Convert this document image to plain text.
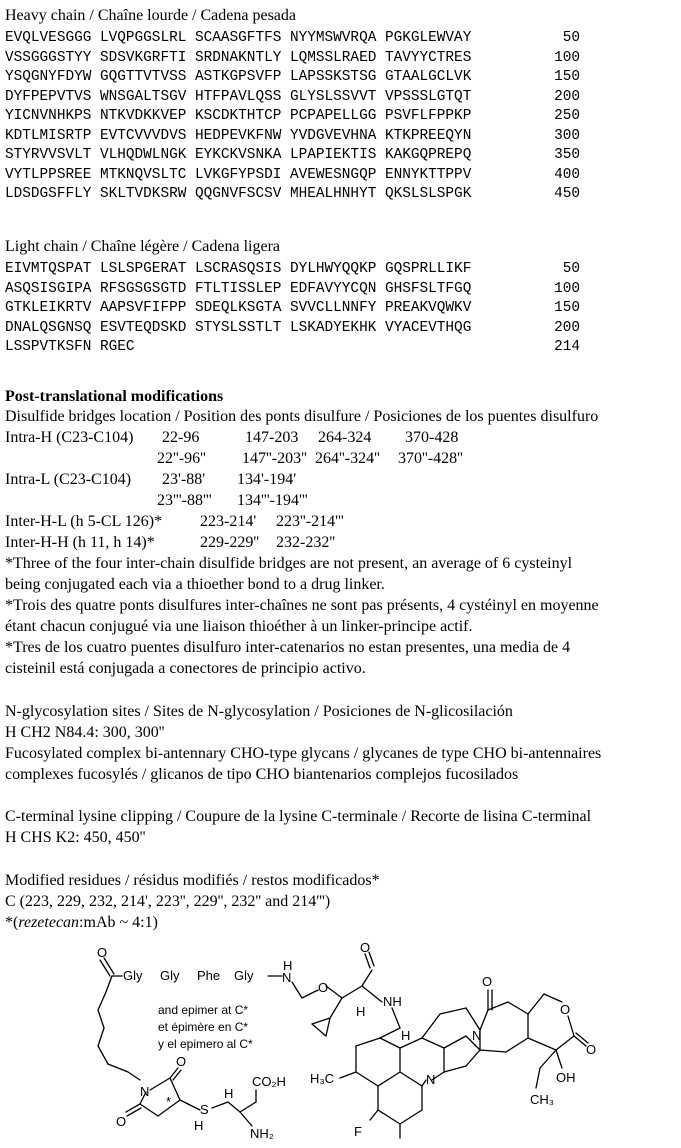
Heavy chain / Chaîne lourde / Cadena pesada
EVQLVESGGG LVQPGGSLRL SCAASGFTFS NYYMSWVRQA PGKGLEWVAY	50
VSSGGGSTYY SDSVKGRFTI SRDNAKNTLY LQMSSLRAED TAVYYCTRES	100
YSQGNYFDYW GQGTTVTVSS ASTKGPSVFP LAPSSKSTSG GTAALGCLVK	150
DYFPEPVTVS WNSGALTSGV HTFPAVLQSS GLYSLSSVVT VPSSSLGTQT	200
YICNVNHKPS NTKVDKKVEP KSCDKTHTCP PCPAPELLGG PSVFLFPPKP	250
KDTLMISRTP EVTCVVVDVS HEDPEVKFNW YVDGVEVHNA KTKPREEQYN	300
STYRVVSVLT VLHQDWLNGK EYKCKVSNKA LPAPIEKTIS KAKGQPREPQ	350
VYTLPPSREE MTKNQVSLTC LVKGFYPSDI AVEWESNGQP ENNYKTTPPV	400
LDSDGSFFLY SKLTVDKSRW QQGNVFSCSV MHEALHNHYT QKSLSLSPGK	450
Light chain / Chaîne légère / Cadena ligera
EIVMTQSPAT LSLSPGERAT LSCRASQSIS DYLHWYQQKP GQSPRLLIKF	50
ASQSISGIPA RFSGSGSGTD FTLTISSLEP EDFAVYYCQN GHSFSLTFGQ	100
GTKLEIKRTV AAPSVFIFPP SDEQLKSGTA SVVCLLNNFY PREAKVQWKV	150
DNALQSGNSQ ESVTEQDSKD STYSLSSTLT LSKADYEKHK VYACEVTHQG	200
LSSPVTKSFN RGEC	214
Post-translational modifications
Disulfide bridges location / Position des ponts disulfure / Posiciones de los puentes disulfuro
Intra-H (C23-C104) 22-96	147-203 264-324 370-428
22''-96'' 147''-203'' 264''-324'' 370''-428''
Intra-L (C23-C104) 23'-88' 134'-194'
23'''-88''' 134'''-194'''
Inter-H-L (h 5-CL 126)* 223-214' 223''-214'''
Inter-H-H (h 11, h 14)*	229-229'' 232-232''
*Three of the four inter-chain disulfide bridges are not present, an average of 6 cysteinyl
being conjugated each via a thioether bond to a drug linker.
*Trois des quatre ponts disulfures inter-chaînes ne sont pas présents, 4 cystéinyl en moyenne
étant chacun conjugué via une liaison thioéther à un linker-principe actif.
*Tres de los cuatro puentes disulfuro inter-catenarios no estan presentes, una media de 4
cisteinil está conjugada a conectores de principio activo.
N-glycosylation sites / Sites de N-glycosylation / Posiciones de N-glicosilación
H CH2 N84.4: 300, 300''
Fucosylated complex bi-antennary CHO-type glycans / glycanes de type CHO bi-antennaires
complexes fucosylés / glicanos de tipo CHO biantenarios complejos fucosilados
C-terminal lysine clipping / Coupure de la lysine C-terminale / Recorte de lisina C-terminal
H CHS K2: 450, 450''
Modified residues / résidus modifiés / restos modificados*
C (223, 229, 232, 214', 223'', 229'', 232'' and 214''')
*(rezetecan:mAb ~ 4:1)
O
Gly Gly Phe Gly
H
N
O
O
NH
H
H
N
O
O
*
H
S
H
CO₂H
NH₂
H₃C
F
N
O
N
O
O
OH
CH₃
and epimer at C*
et épimère en C*
y el epimero al C*
